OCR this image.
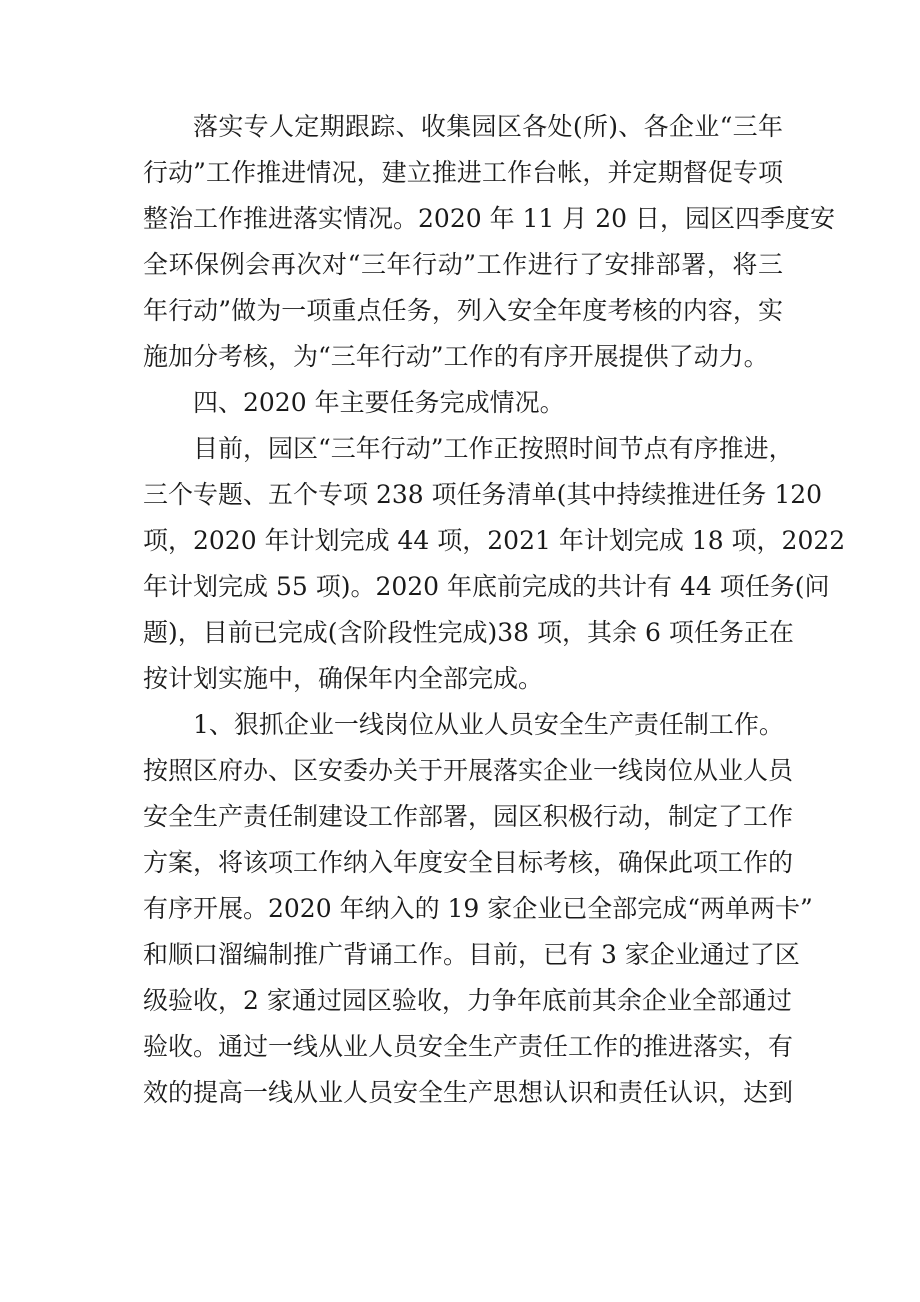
落实专人定期跟踪、收集园区各处(所)、各企业“三年
行动”工作推进情况，建立推进工作台帐，并定期督促专项
整治工作推进落实情况。2020 年 11 月 20 日，园区四季度安
全环保例会再次对“三年行动”工作进行了安排部署，将三
年行动”做为一项重点任务，列入安全年度考核的内容，实
施加分考核，为“三年行动”工作的有序开展提供了动力。
四、2020 年主要任务完成情况。
目前，园区“三年行动”工作正按照时间节点有序推进，
三个专题、五个专项 238 项任务清单(其中持续推进任务 120
项，2020 年计划完成 44 项，2021 年计划完成 18 项，2022
年计划完成 55 项)。2020 年底前完成的共计有 44 项任务(问
题)，目前已完成(含阶段性完成)38 项，其余 6 项任务正在
按计划实施中，确保年内全部完成。
1、狠抓企业一线岗位从业人员安全生产责任制工作。
按照区府办、区安委办关于开展落实企业一线岗位从业人员
安全生产责任制建设工作部署，园区积极行动，制定了工作
方案，将该项工作纳入年度安全目标考核，确保此项工作的
有序开展。2020 年纳入的 19 家企业已全部完成“两单两卡”
和顺口溜编制推广背诵工作。目前，已有 3 家企业通过了区
级验收，2 家通过园区验收，力争年底前其余企业全部通过
验收。通过一线从业人员安全生产责任工作的推进落实，有
效的提高一线从业人员安全生产思想认识和责任认识，达到
